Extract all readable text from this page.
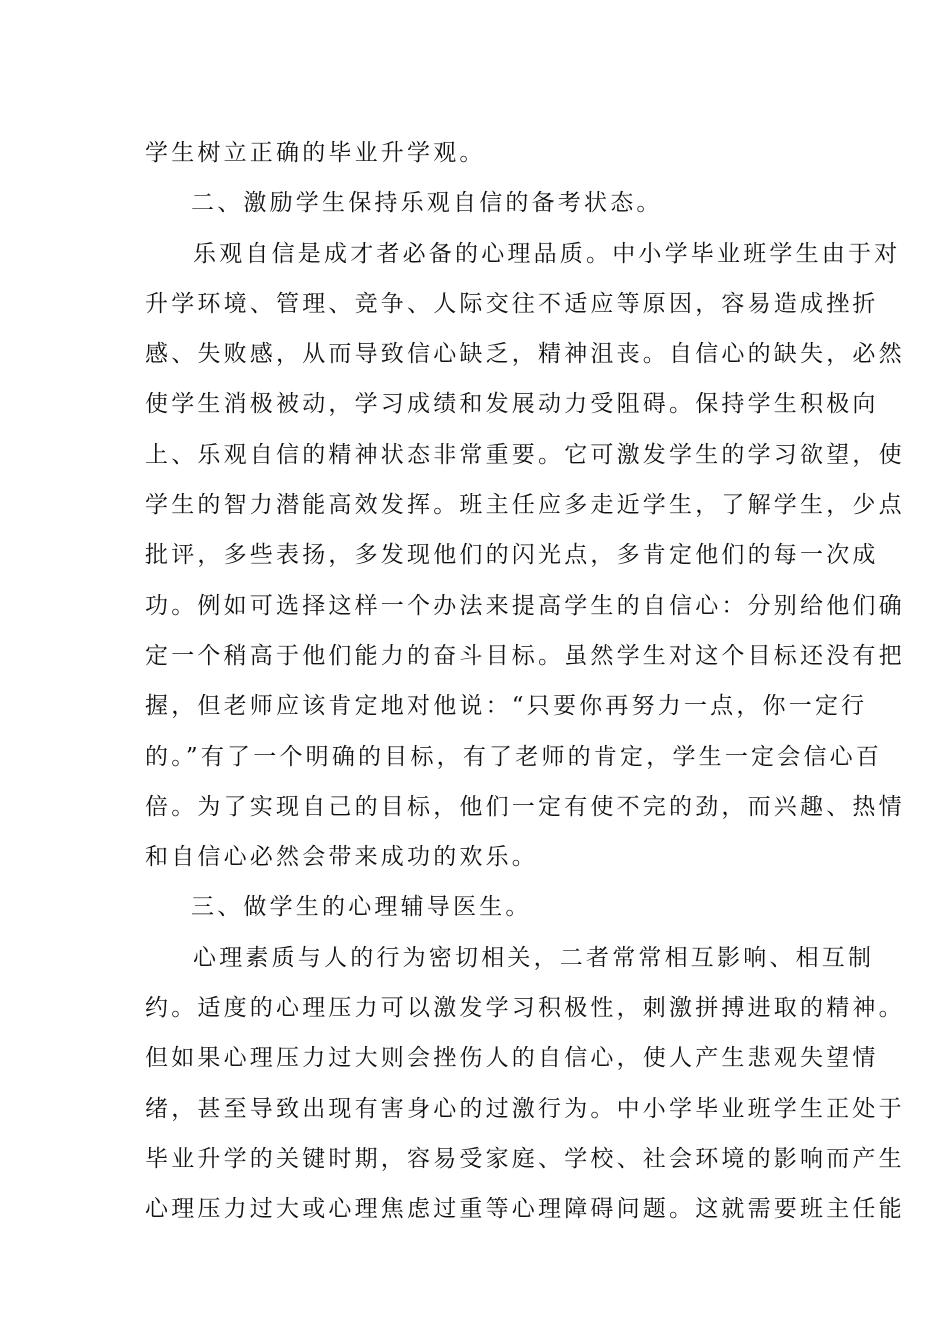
学生树立正确的毕业升学观。
二、激励学生保持乐观自信的备考状态。
乐观自信是成才者必备的心理品质。中小学毕业班学生由于对
升学环境、管理、竞争、人际交往不适应等原因，容易造成挫折
感、失败感，从而导致信心缺乏，精神沮丧。自信心的缺失，必然
使学生消极被动，学习成绩和发展动力受阻碍。保持学生积极向
上、乐观自信的精神状态非常重要。它可激发学生的学习欲望，使
学生的智力潜能高效发挥。班主任应多走近学生，了解学生，少点
批评，多些表扬，多发现他们的闪光点，多肯定他们的每一次成
功。例如可选择这样一个办法来提高学生的自信心：分别给他们确
定一个稍高于他们能力的奋斗目标。虽然学生对这个目标还没有把
握，但老师应该肯定地对他说：“只要你再努力一点，你一定行
的。”有了一个明确的目标，有了老师的肯定，学生一定会信心百
倍。为了实现自己的目标，他们一定有使不完的劲，而兴趣、热情
和自信心必然会带来成功的欢乐。
三、做学生的心理辅导医生。
心理素质与人的行为密切相关，二者常常相互影响、相互制
约。适度的心理压力可以激发学习积极性，刺激拼搏进取的精神。
但如果心理压力过大则会挫伤人的自信心，使人产生悲观失望情
绪，甚至导致出现有害身心的过激行为。中小学毕业班学生正处于
毕业升学的关键时期，容易受家庭、学校、社会环境的影响而产生
心理压力过大或心理焦虑过重等心理障碍问题。这就需要班主任能
